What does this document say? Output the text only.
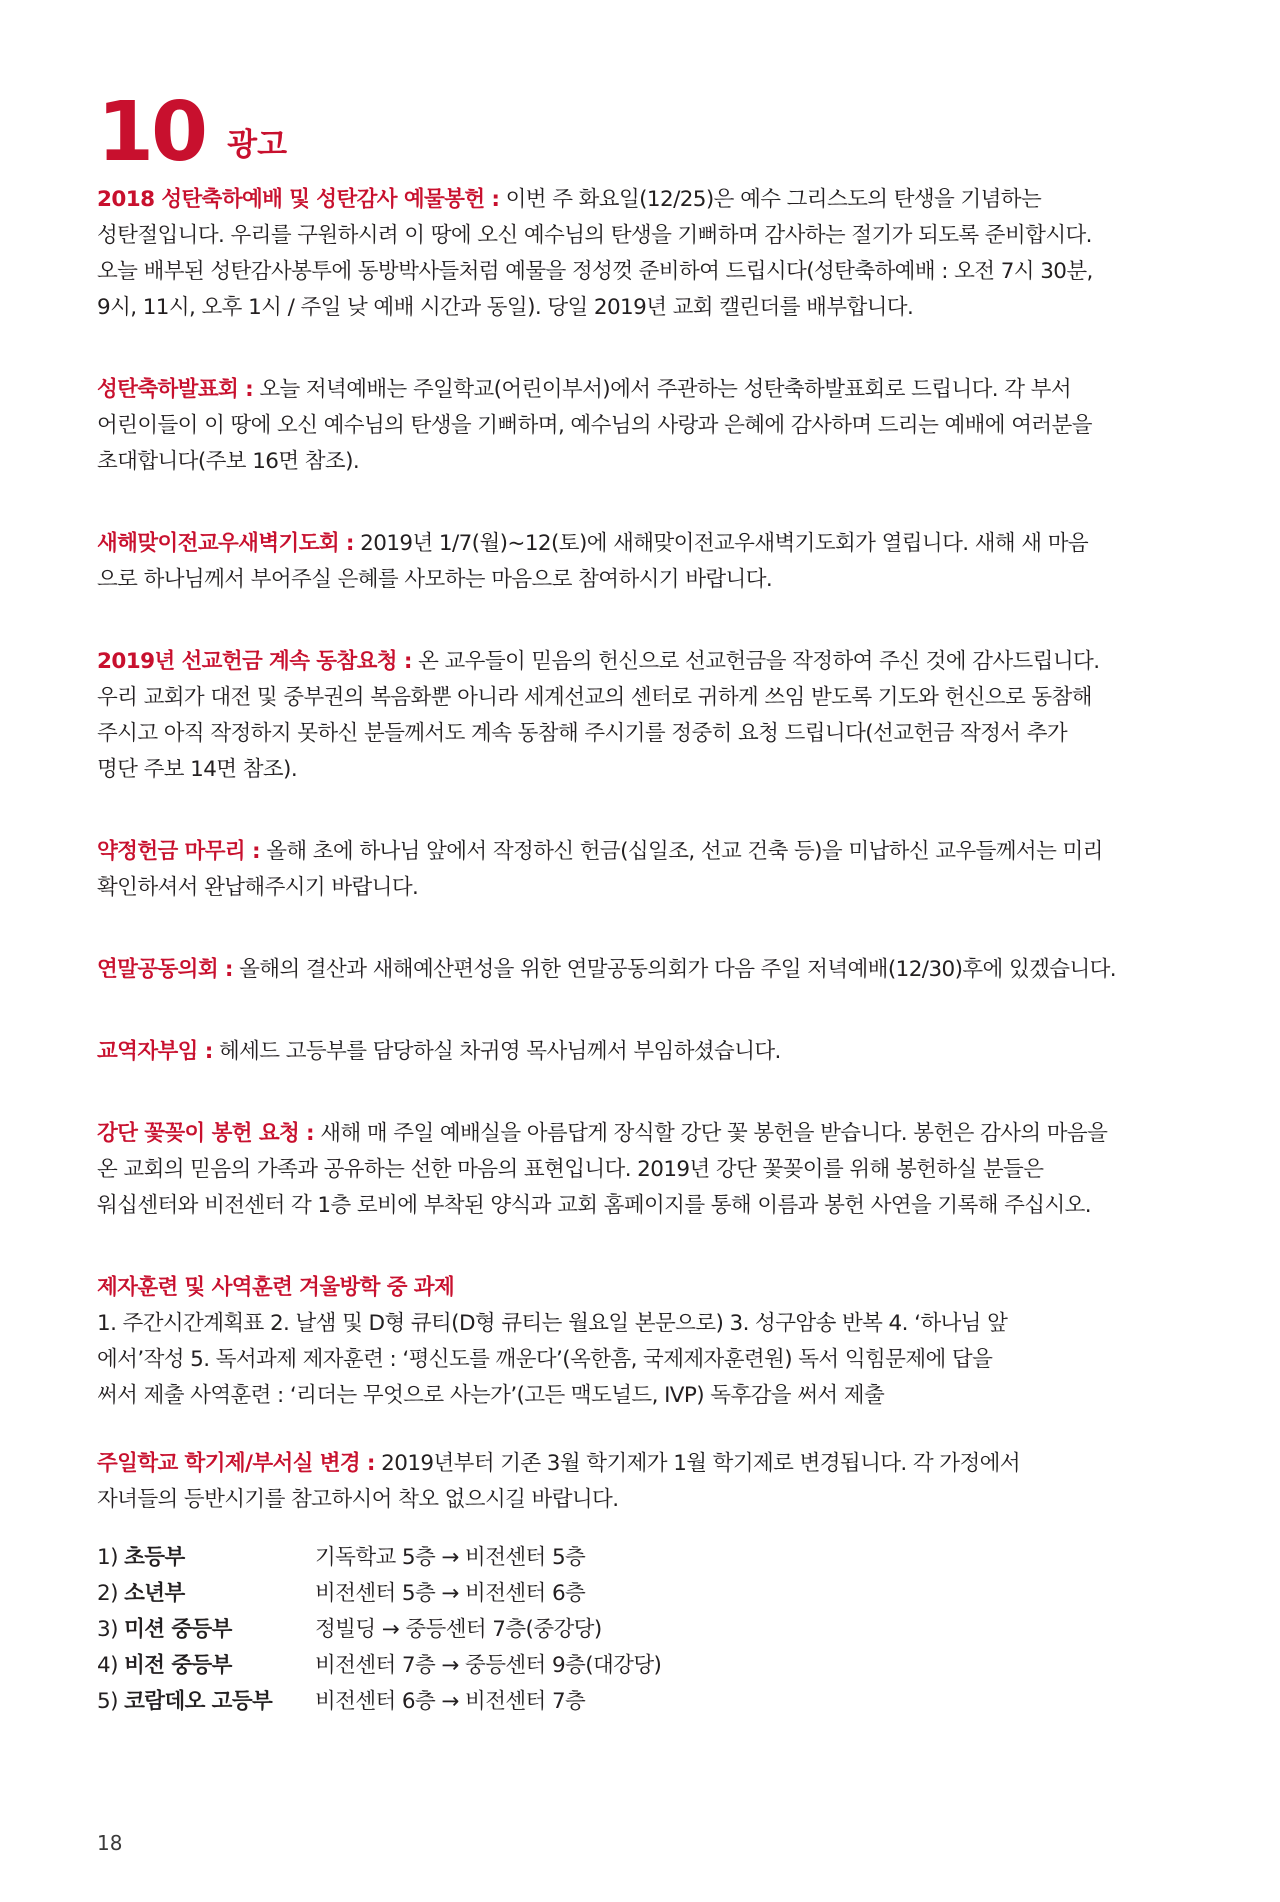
10 광고
2018 성탄축하예배 및 성탄감사 예물봉헌 : 이번 주 화요일(12/25)은 예수 그리스도의 탄생을 기념하는
성탄절입니다. 우리를 구원하시려 이 땅에 오신 예수님의 탄생을 기뻐하며 감사하는 절기가 되도록 준비합시다.
오늘 배부된 성탄감사봉투에 동방박사들처럼 예물을 정성껏 준비하여 드립시다(성탄축하예배 : 오전 7시 30분,
9시, 11시, 오후 1시 / 주일 낮 예배 시간과 동일). 당일 2019년 교회 캘린더를 배부합니다.
성탄축하발표회 : 오늘 저녁예배는 주일학교(어린이부서)에서 주관하는 성탄축하발표회로 드립니다. 각 부서
어린이들이 이 땅에 오신 예수님의 탄생을 기뻐하며, 예수님의 사랑과 은혜에 감사하며 드리는 예배에 여러분을
초대합니다(주보 16면 참조).
새해맞이전교우새벽기도회 : 2019년 1/7(월)~12(토)에 새해맞이전교우새벽기도회가 열립니다. 새해 새 마음
으로 하나님께서 부어주실 은혜를 사모하는 마음으로 참여하시기 바랍니다.
2019년 선교헌금 계속 동참요청 : 온 교우들이 믿음의 헌신으로 선교헌금을 작정하여 주신 것에 감사드립니다.
우리 교회가 대전 및 중부권의 복음화뿐 아니라 세계선교의 센터로 귀하게 쓰임 받도록 기도와 헌신으로 동참해
주시고 아직 작정하지 못하신 분들께서도 계속 동참해 주시기를 정중히 요청 드립니다(선교헌금 작정서 추가
명단 주보 14면 참조).
약정헌금 마무리 : 올해 초에 하나님 앞에서 작정하신 헌금(십일조, 선교 건축 등)을 미납하신 교우들께서는 미리
확인하셔서 완납해주시기 바랍니다.
연말공동의회 : 올해의 결산과 새해예산편성을 위한 연말공동의회가 다음 주일 저녁예배(12/30)후에 있겠습니다.
교역자부임 : 헤세드 고등부를 담당하실 차귀영 목사님께서 부임하셨습니다.
강단 꽃꽂이 봉헌 요청 : 새해 매 주일 예배실을 아름답게 장식할 강단 꽃 봉헌을 받습니다. 봉헌은 감사의 마음을
온 교회의 믿음의 가족과 공유하는 선한 마음의 표현입니다. 2019년 강단 꽃꽂이를 위해 봉헌하실 분들은
워십센터와 비전센터 각 1층 로비에 부착된 양식과 교회 홈페이지를 통해 이름과 봉헌 사연을 기록해 주십시오.
제자훈련 및 사역훈련 겨울방학 중 과제
1. 주간시간계획표 2. 날샘 및 D형 큐티(D형 큐티는 월요일 본문으로) 3. 성구암송 반복 4. ‘하나님 앞
에서’작성 5. 독서과제 제자훈련 : ‘평신도를 깨운다’(옥한흠, 국제제자훈련원) 독서 익힘문제에 답을
써서 제출 사역훈련 : ‘리더는 무엇으로 사는가’(고든 맥도널드, IVP) 독후감을 써서 제출
주일학교 학기제/부서실 변경 : 2019년부터 기존 3월 학기제가 1월 학기제로 변경됩니다. 각 가정에서
자녀들의 등반시기를 참고하시어 착오 없으시길 바랍니다.
1) 초등부	기독학교 5층 → 비전센터 5층
2) 소년부	비전센터 5층 → 비전센터 6층
3) 미션 중등부	정빌딩 → 중등센터 7층(중강당)
4) 비전 중등부	비전센터 7층 → 중등센터 9층(대강당)
5) 코람데오 고등부	비전센터 6층 → 비전센터 7층
18
